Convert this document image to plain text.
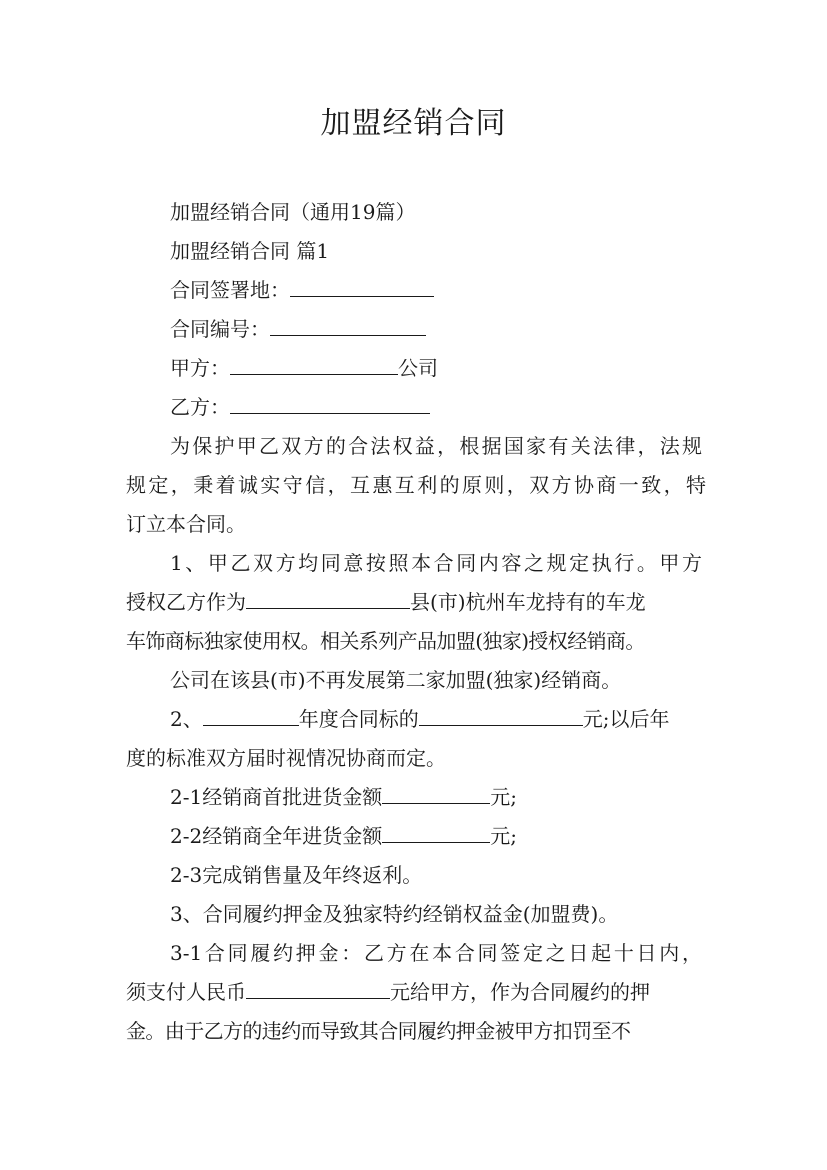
加盟经销合同
加盟经销合同（通用19篇）
加盟经销合同 篇1
合同签署地：
合同编号：
甲方：	公司
乙方：
为保护甲乙双方的合法权益，根据国家有关法律，法规
规定，秉着诚实守信，互惠互利的原则，双方协商一致，特
订立本合同。
1、甲乙双方均同意按照本合同内容之规定执行。甲方
授权乙方作为	县(市)杭州车龙持有的车龙
车饰商标独家使用权。相关系列产品加盟(独家)授权经销商。
公司在该县(市)不再发展第二家加盟(独家)经销商。
2、	年度合同标的	元;以后年
度的标准双方届时视情况协商而定。
2-1经销商首批进货金额	元;
2-2经销商全年进货金额	元;
2-3完成销售量及年终返利。
3、合同履约押金及独家特约经销权益金(加盟费)。
3-1合同履约押金：乙方在本合同签定之日起十日内，
须支付人民币	元给甲方，作为合同履约的押
金。由于乙方的违约而导致其合同履约押金被甲方扣罚至不
